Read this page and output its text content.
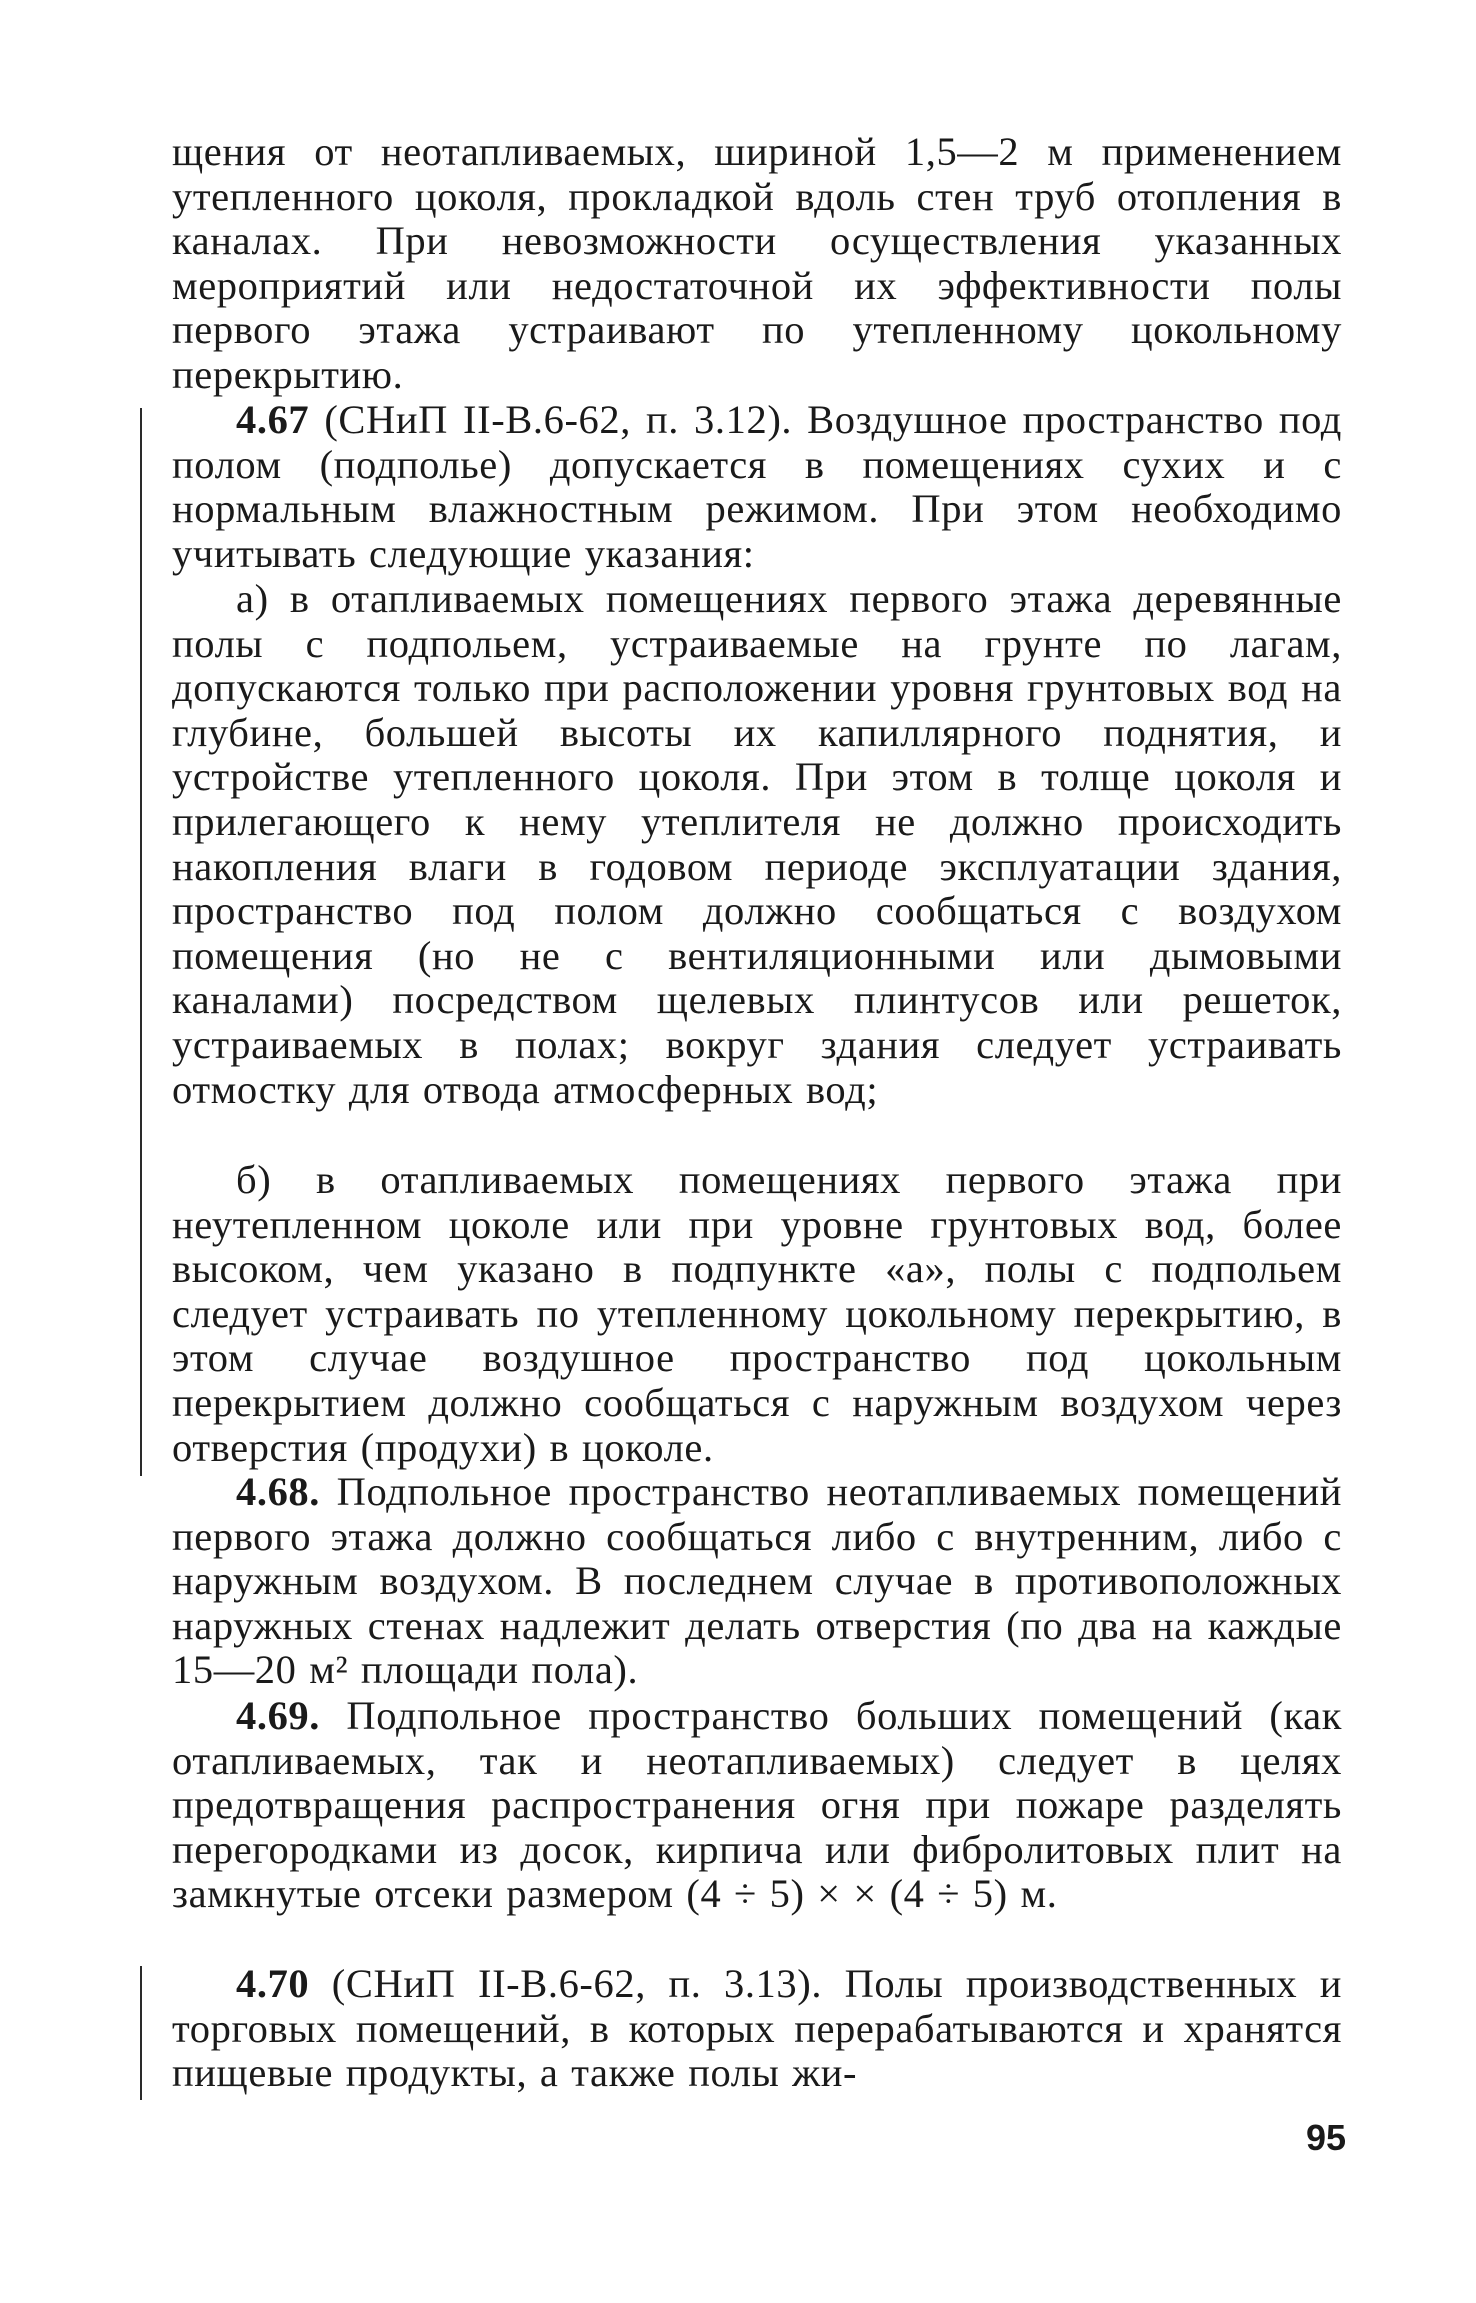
щения от неотапливаемых, шириной 1,5—2 м применением утепленного цоколя, прокладкой вдоль стен труб отопления в каналах. При невозможности осуществления указанных мероприятий или недостаточной их эффективности полы первого этажа устраивают по утепленному цокольному перекрытию.

4.67 (СНиП II-В.6-62, п. 3.12). Воздушное пространство под полом (подполье) допускается в помещениях сухих и с нормальным влажностным режимом. При этом необходимо учитывать следующие указания:

а) в отапливаемых помещениях первого этажа деревянные полы с подпольем, устраиваемые на грунте по лагам, допускаются только при расположении уровня грунтовых вод на глубине, большей высоты их капиллярного поднятия, и устройстве утепленного цоколя. При этом в толще цоколя и прилегающего к нему утеплителя не должно происходить накопления влаги в годовом периоде эксплуатации здания, пространство под полом должно сообщаться с воздухом помещения (но не с вентиляционными или дымовыми каналами) посредством щелевых плинтусов или решеток, устраиваемых в полах; вокруг здания следует устраивать отмостку для отвода атмосферных вод;

б) в отапливаемых помещениях первого этажа при неутепленном цоколе или при уровне грунтовых вод, более высоком, чем указано в подпункте «а», полы с подпольем следует устраивать по утепленному цокольному перекрытию, в этом случае воздушное пространство под цокольным перекрытием должно сообщаться с наружным воздухом через отверстия (продухи) в цоколе.

4.68. Подпольное пространство неотапливаемых помещений первого этажа должно сообщаться либо с внутренним, либо с наружным воздухом. В последнем случае в противоположных наружных стенах надлежит делать отверстия (по два на каждые 15—20 м² площади пола).

4.69. Подпольное пространство больших помещений (как отапливаемых, так и неотапливаемых) следует в целях предотвращения распространения огня при пожаре разделять перегородками из досок, кирпича или фибролитовых плит на замкнутые отсеки размером (4 ÷ 5) × × (4 ÷ 5) м.

4.70 (СНиП II-В.6-62, п. 3.13). Полы производственных и торговых помещений, в которых перерабатываются и хранятся пищевые продукты, а также полы жи-

95
